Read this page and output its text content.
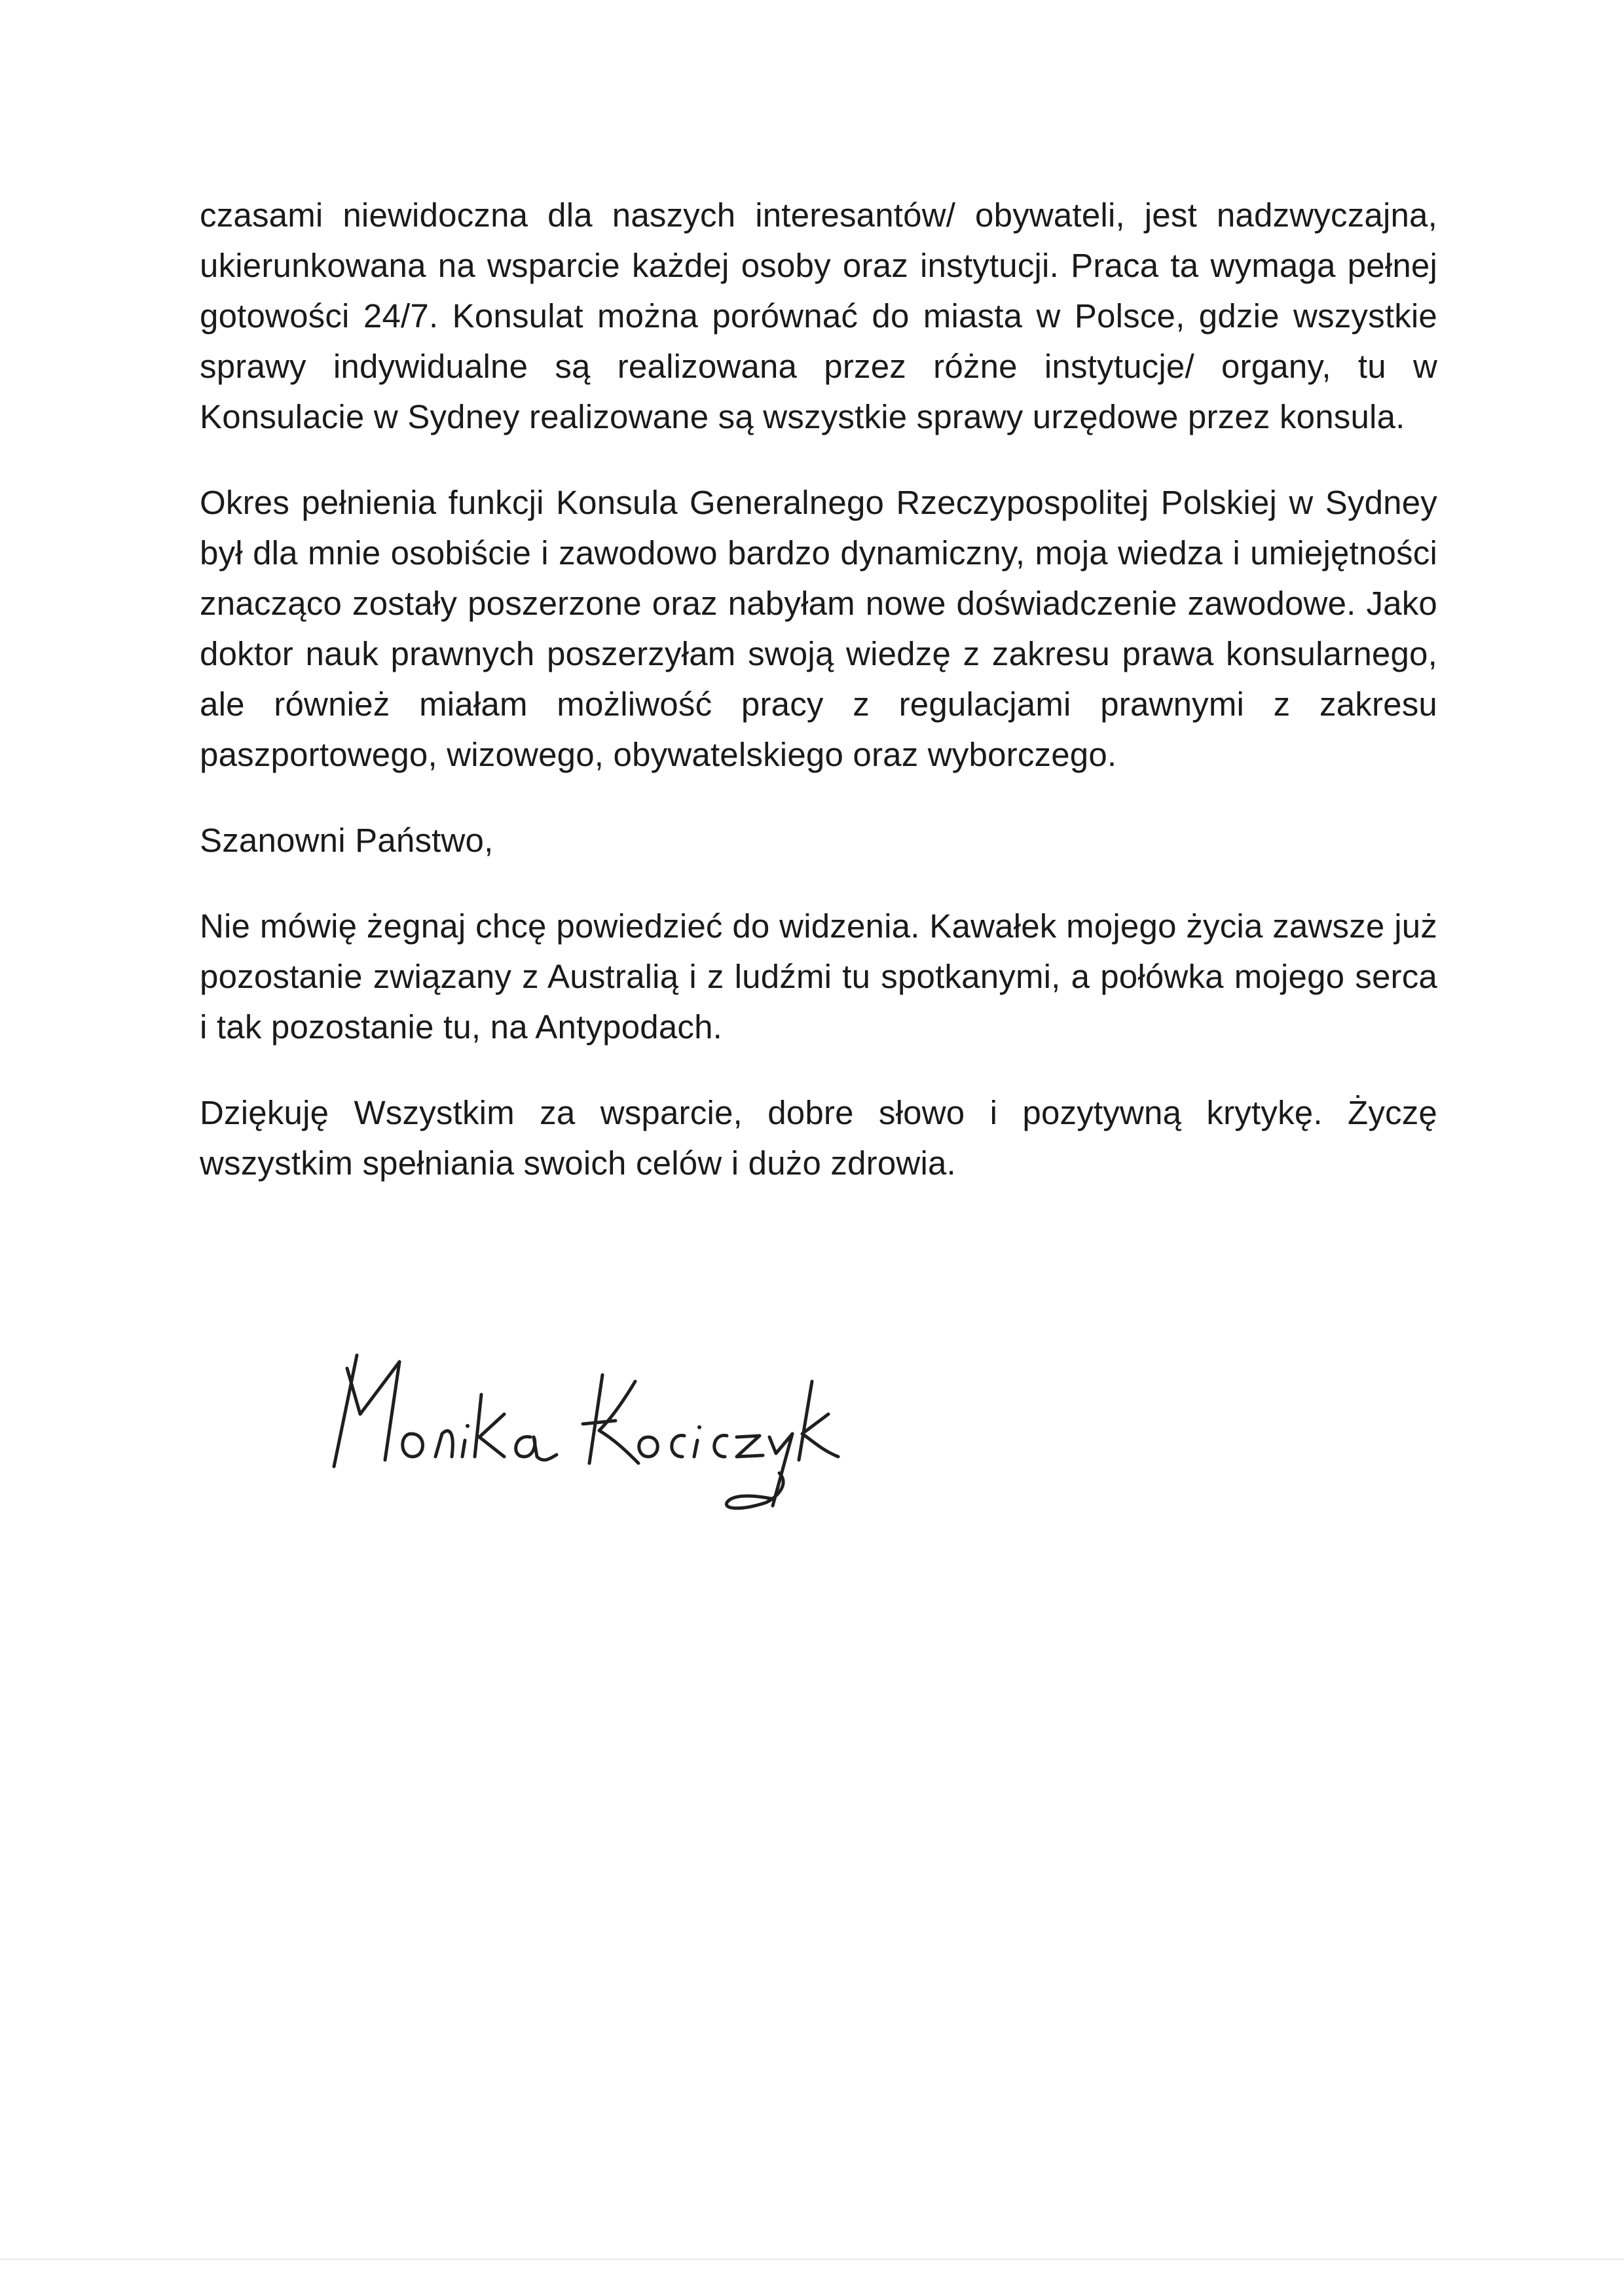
czasami niewidoczna dla naszych interesantów/ obywateli, jest nadzwyczajna, ukierunkowana na wsparcie każdej osoby oraz instytucji. Praca ta wymaga pełnej gotowości 24/7. Konsulat można porównać do miasta w Polsce, gdzie wszystkie sprawy indywidualne są realizowana przez różne instytucje/ organy, tu w Konsulacie w Sydney realizowane są wszystkie sprawy urzędowe przez konsula.

Okres pełnienia funkcji Konsula Generalnego Rzeczypospolitej Polskiej w Sydney był dla mnie osobiście i zawodowo bardzo dynamiczny, moja wiedza i umiejętności znacząco zostały poszerzone oraz nabyłam nowe doświadczenie zawodowe. Jako doktor nauk prawnych poszerzyłam swoją wiedzę z zakresu prawa konsularnego, ale również miałam możliwość pracy z regulacjami prawnymi z zakresu paszportowego, wizowego, obywatelskiego oraz wyborczego.

Szanowni Państwo,

Nie mówię żegnaj chcę powiedzieć do widzenia. Kawałek mojego życia zawsze już pozostanie związany z Australią i z ludźmi tu spotkanymi, a połówka mojego serca i tak pozostanie tu, na Antypodach.

Dziękuję Wszystkim za wsparcie, dobre słowo i pozytywną krytykę. Życzę wszystkim spełniania swoich celów i dużo zdrowia.
